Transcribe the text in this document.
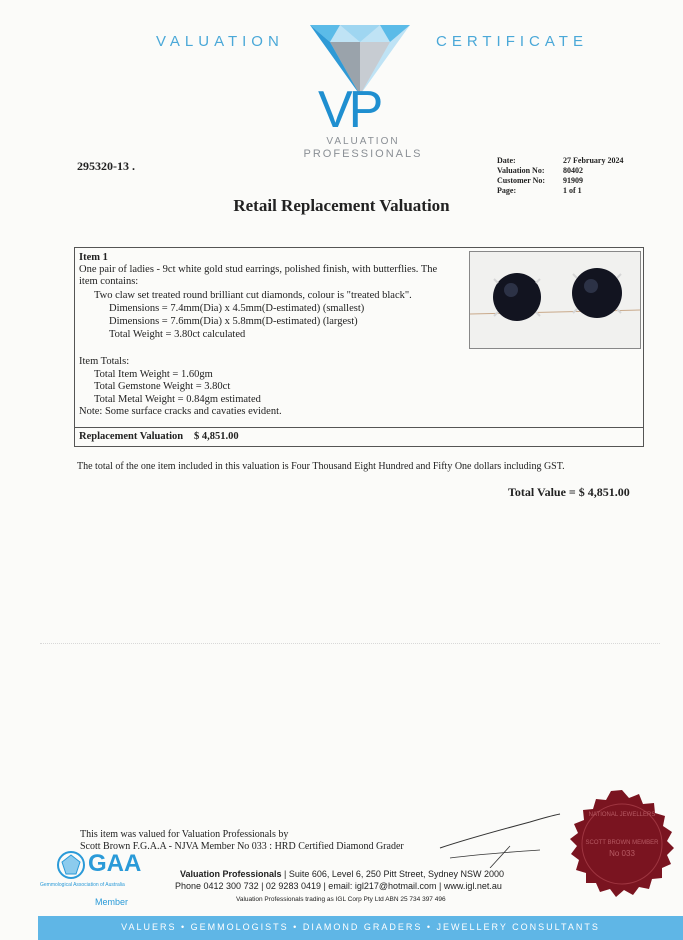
VALUATION	CERTIFICATE
VP
VALUATION
PROFESSIONALS
295320-13 .	Date:	27 February 2024
Valuation No:	80402
Customer No:	91909
Page:	1 of 1
Retail Replacement Valuation
Item 1
One pair of ladies - 9ct white gold stud earrings, polished finish, with butterflies. The
item contains:
Two claw set treated round brilliant cut diamonds, colour is "treated black".
Dimensions = 7.4mm(Dia) x 4.5mm(D-estimated) (smallest)
Dimensions = 7.6mm(Dia) x 5.8mm(D-estimated) (largest)
Total Weight = 3.80ct calculated
Item Totals:
Total Item Weight = 1.60gm
Total Gemstone Weight = 3.80ct
Total Metal Weight = 0.84gm estimated
Note: Some surface cracks and cavaties evident.
Replacement Valuation $ 4,851.00
The total of the one item included in this valuation is Four Thousand Eight Hundred and Fifty One dollars including GST.
Total Value = $ 4,851.00
This item was valued for Valuation Professionals by
Scott Brown F.G.A.A - NJVA Member No 033 : HRD Certified Diamond Grader
GAA
Gemmological Association of Australia
Member
Valuation Professionals | Suite 606, Level 6, 250 Pitt Street, Sydney NSW 2000
Phone 0412 300 732 | 02 9283 0419 | email: igl217@hotmail.com | www.igl.net.au
Valuation Professionals trading as IGL Corp Pty Ltd ABN 25 734 397 496
NATIONAL JEWELLERS
SCOTT BROWN MEMBER
No 033
VALUERS • GEMMOLOGISTS • DIAMOND GRADERS • JEWELLERY CONSULTANTS
